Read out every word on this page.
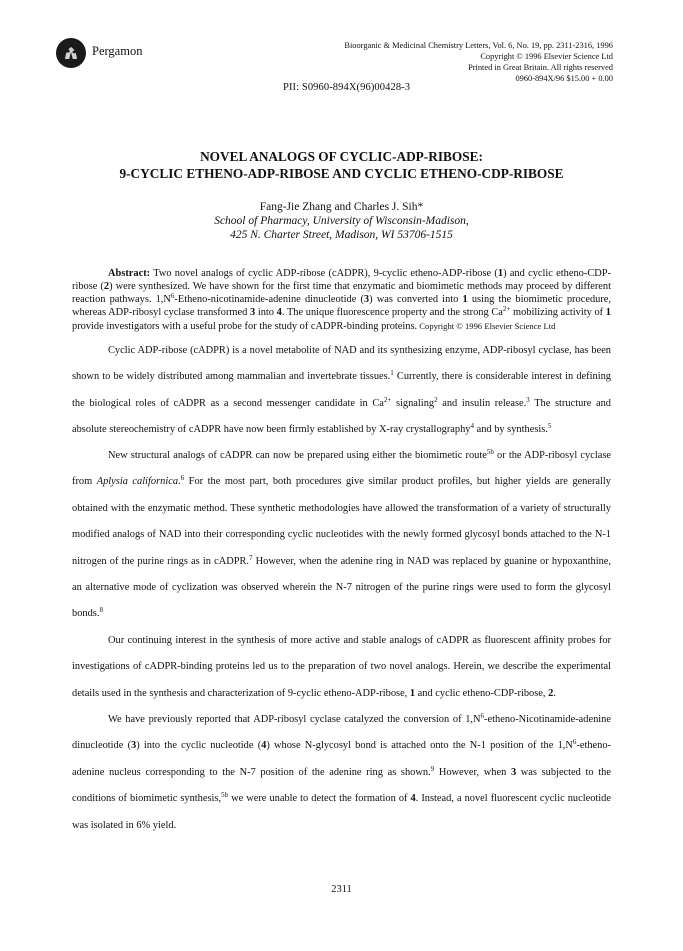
Pergamon	Bioorganic & Medicinal Chemistry Letters, Vol. 6, No. 19, pp. 2311-2316, 1996
Copyright © 1996 Elsevier Science Ltd
Printed in Great Britain. All rights reserved
0960-894X/96 $15.00 + 0.00
PII: S0960-894X(96)00428-3
NOVEL ANALOGS OF CYCLIC-ADP-RIBOSE:
9-CYCLIC ETHENO-ADP-RIBOSE AND CYCLIC ETHENO-CDP-RIBOSE
Fang-Jie Zhang and Charles J. Sih*
School of Pharmacy, University of Wisconsin-Madison,
425 N. Charter Street, Madison, WI 53706-1515

Abstract: Two novel analogs of cyclic ADP-ribose (cADPR), 9-cyclic etheno-ADP-ribose (1) and cyclic etheno-CDP-ribose (2) were synthesized. We have shown for the first time that enzymatic and biomimetic methods may proceed by different reaction pathways. $1,N^6-Etheno-nicotinamide$-adenine dinucleotide (3) was converted into 1 using the biomimetic procedure, whereas ADP-ribosyl cyclase transformed 3 into 4. The unique fluorescence property and the strong $Ca^{2+}$ mobilizing activity of 1 provide investigators with a useful probe for the study of cADPR-binding proteins. Copyright © 1996 Elsevier Science Ltd

Cyclic ADP-ribose (cADPR) is a novel metabolite of NAD and its synthesizing enzyme, ADP-ribosyl cyclase, has been shown to be widely distributed among mammalian and invertebrate tissues.$^1$ Currently, there is considerable interest in defining the biological roles of cADPR as a second messenger candidate in $Ca^{2+}$ signaling$^2$ and insulin release.$^3$ The structure and absolute stereochemistry of cADPR have now been firmly established by X-ray crystallography$^4$ and by synthesis.$^5$

New structural analogs of cADPR can now be prepared using either the biomimetic route$^{5b}$ or the ADP-ribosyl cyclase from Aplysia californica.$^6$ For the most part, both procedures give similar product profiles, but higher yields are generally obtained with the enzymatic method. These synthetic methodologies have allowed the transformation of a variety of structurally modified analogs of NAD into their corresponding cyclic nucleotides with the newly formed glycosyl bonds attached to the N-1 nitrogen of the purine rings as in cADPR.$^7$ However, when the adenine ring in NAD was replaced by guanine or hypoxanthine, an alternative mode of cyclization was observed wherein the N-7 nitrogen of the purine rings were used to form the glycosyl bonds.$^8$

Our continuing interest in the synthesis of more active and stable analogs of cADPR as fluorescent affinity probes for investigations of cADPR-binding proteins led us to the preparation of two novel analogs. Herein, we describe the experimental details used in the synthesis and characterization of 9-cyclic etheno-ADP-ribose, 1 and cyclic etheno-CDP-ribose, 2.

We have previously reported that ADP-ribosyl cyclase catalyzed the conversion of $1,N^6-etheno-Nicotinamide$-adenine dinucleotide (3) into the cyclic nucleotide (4) whose N-glycosyl bond is attached onto the N-1 position of the $1,N^6-etheno$-adenine nucleus corresponding to the N-7 position of the adenine ring as shown.$^9$ However, when 3 was subjected to the conditions of biomimetic synthesis,$^{5b}$ we were unable to detect the formation of 4. Instead, a novel fluorescent cyclic nucleotide was isolated in 6% yield.

2311
